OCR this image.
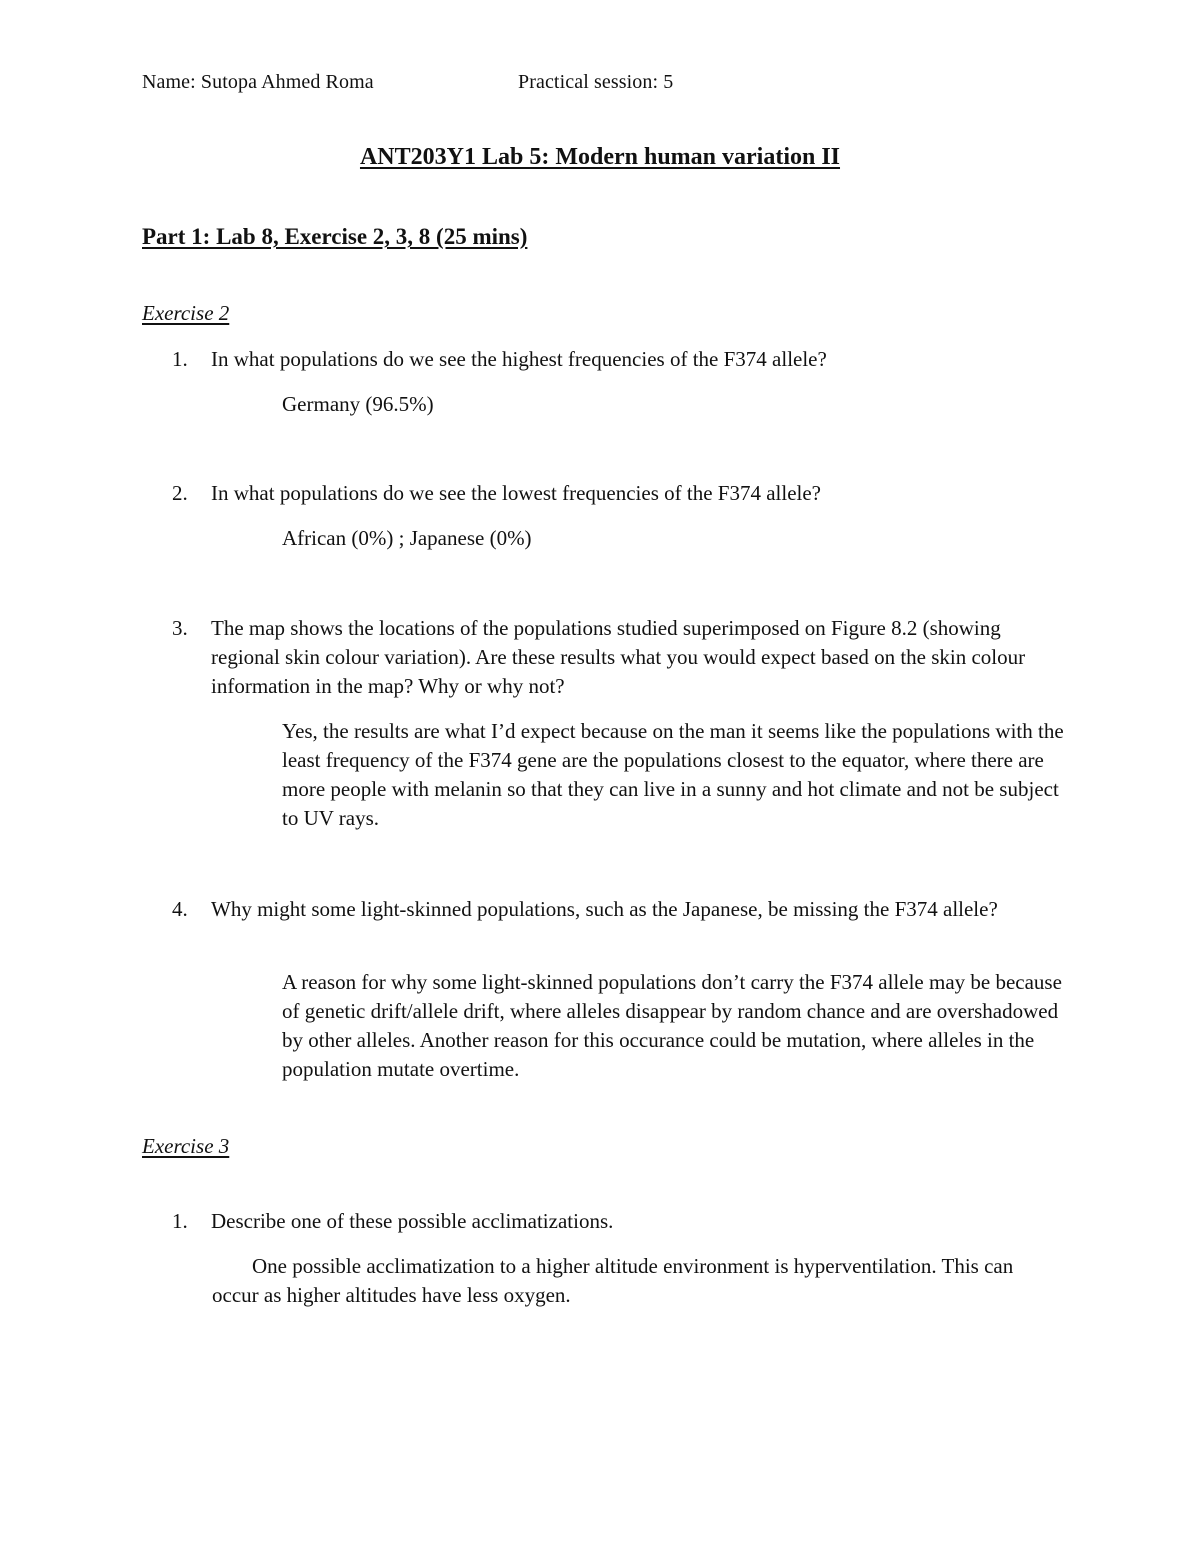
Name: Sutopa Ahmed Roma	Practical session: 5
ANT203Y1 Lab 5: Modern human variation II
Part 1: Lab 8, Exercise 2, 3, 8 (25 mins)
Exercise 2
1. In what populations do we see the highest frequencies of the F374 allele?
Germany (96.5%)
2. In what populations do we see the lowest frequencies of the F374 allele?
African (0%) ; Japanese (0%)
3. The map shows the locations of the populations studied superimposed on Figure 8.2 (showing regional skin colour variation). Are these results what you would expect based on the skin colour information in the map? Why or why not?
Yes, the results are what I’d expect because on the man it seems like the populations with the least frequency of the F374 gene are the populations closest to the equator, where there are more people with melanin so that they can live in a sunny and hot climate and not be subject to UV rays.
4. Why might some light-skinned populations, such as the Japanese, be missing the F374 allele?
A reason for why some light-skinned populations don’t carry the F374 allele may be because of genetic drift/allele drift, where alleles disappear by random chance and are overshadowed by other alleles. Another reason for this occurance could be mutation, where alleles in the population mutate overtime.
Exercise 3
1. Describe one of these possible acclimatizations.
One possible acclimatization to a higher altitude environment is hyperventilation. This can occur as higher altitudes have less oxygen.
